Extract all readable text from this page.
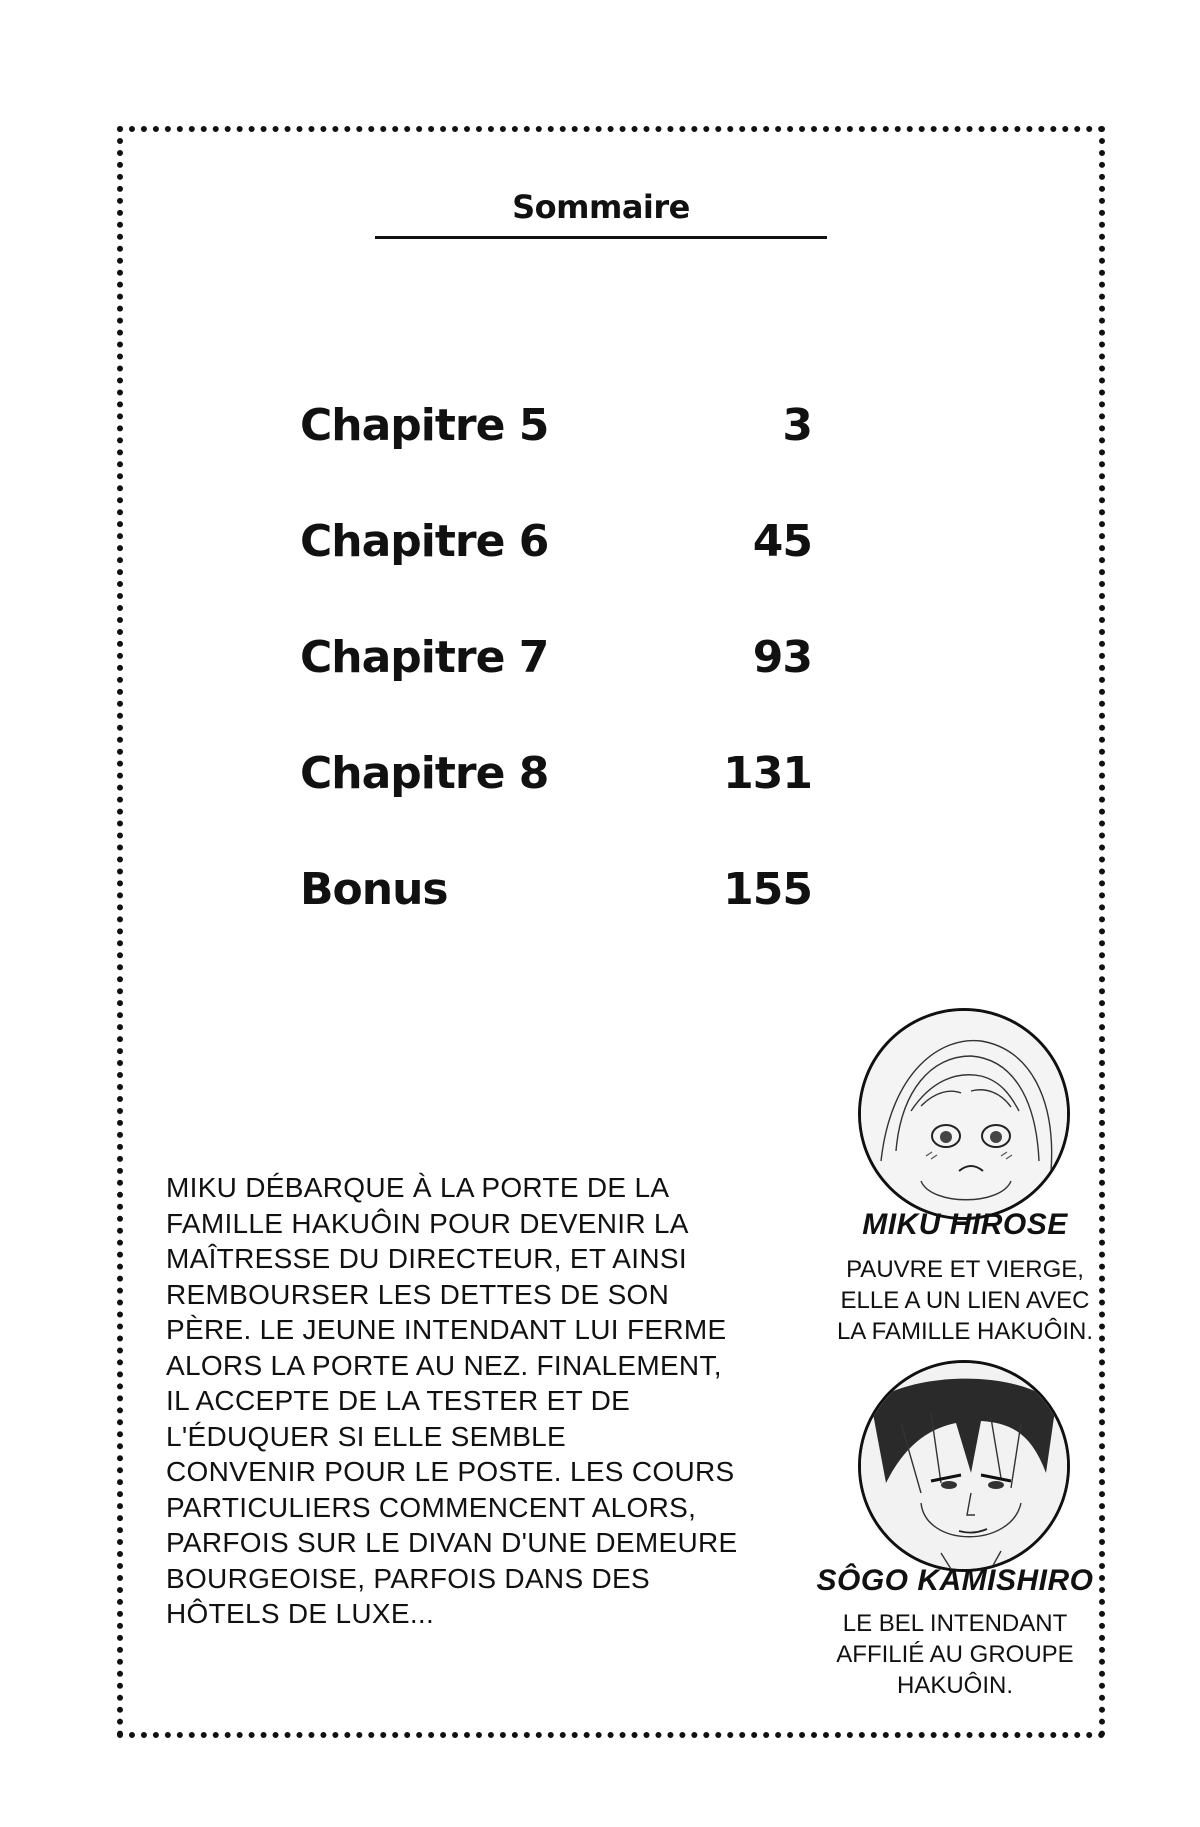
Sommaire
Chapitre 5	3
Chapitre 6	45
Chapitre 7	93
Chapitre 8	131
Bonus	155
MIKU DÉBARQUE À LA PORTE DE LA
FAMILLE HAKUÔIN POUR DEVENIR LA
MAÎTRESSE DU DIRECTEUR, ET AINSI
REMBOURSER LES DETTES DE SON
PÈRE. LE JEUNE INTENDANT LUI FERME
ALORS LA PORTE AU NEZ. FINALEMENT,
IL ACCEPTE DE LA TESTER ET DE
L'ÉDUQUER SI ELLE SEMBLE
CONVENIR POUR LE POSTE. LES COURS
PARTICULIERS COMMENCENT ALORS,
PARFOIS SUR LE DIVAN D'UNE DEMEURE
BOURGEOISE, PARFOIS DANS DES
HÔTELS DE LUXE...
MIKU HIROSE
PAUVRE ET VIERGE,
ELLE A UN LIEN AVEC
LA FAMILLE HAKUÔIN.
SÔGO KAMISHIRO
LE BEL INTENDANT
AFFILIÉ AU GROUPE
HAKUÔIN.
